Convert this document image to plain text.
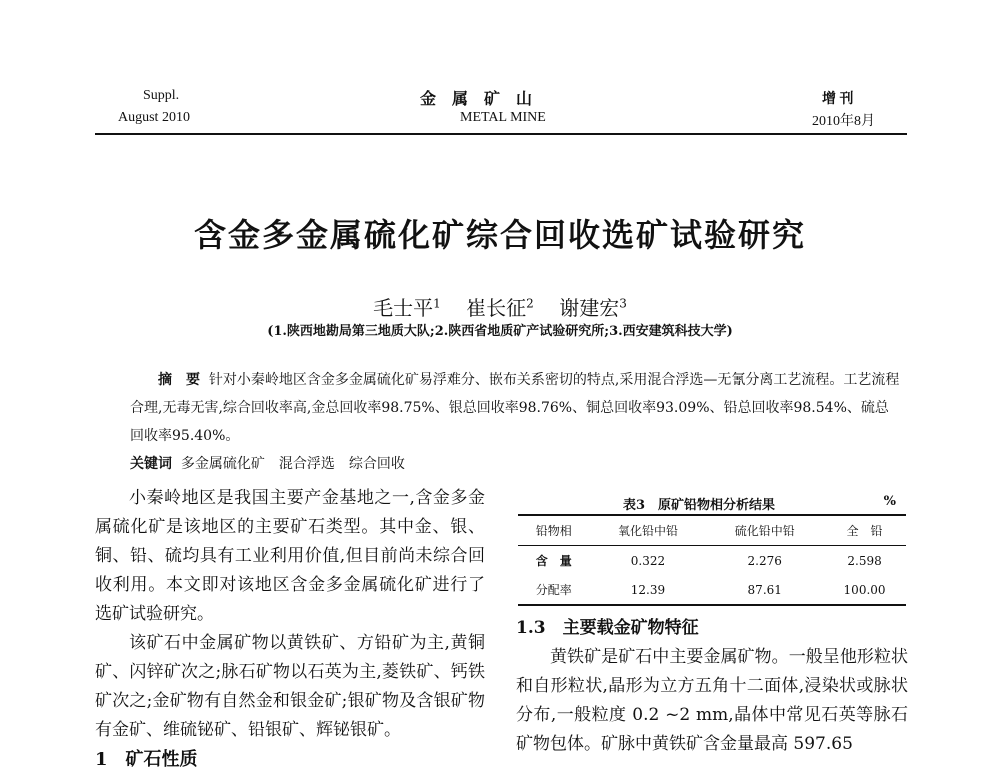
Suppl.
August 2010
金　属　矿　山
METAL MINE
增 刊
2010年8月
含金多金属硫化矿综合回收选矿试验研究
毛士平$^1$ 崔长征$^2$ 谢建宏$^3$
(1.陕西地勘局第三地质大队;2.陕西省地质矿产试验研究所;3.西安建筑科技大学)
摘　要 针对小秦岭地区含金多金属硫化矿易浮难分、嵌布关系密切的特点,采用混合浮选—无氰分离工艺流程。工艺流程合理,无毒无害,综合回收率高,金总回收率98.75%、银总回收率98.76%、铜总回收率93.09%、铅总回收率98.54%、硫总回收率95.40%。
关键词 多金属硫化矿　混合浮选　综合回收

小秦岭地区是我国主要产金基地之一,含金多金属硫化矿是该地区的主要矿石类型。其中金、银、铜、铅、硫均具有工业利用价值,但目前尚未综合回收利用。本文即对该地区含金多金属硫化矿进行了选矿试验研究。

该矿石中金属矿物以黄铁矿、方铅矿为主,黄铜矿、闪锌矿次之;脉石矿物以石英为主,菱铁矿、钙铁矿次之;金矿物有自然金和银金矿;银矿物及含银矿物有金矿、维硫铋矿、铅银矿、辉铋银矿。

1　矿石性质
表3　原矿铅物相分析结果	%
铅物相	氧化铅中铅	硫化铅中铅	全　铅
含　量	0.322	2.276	2.598
分配率	12.39	87.61	100.00
1.3　主要载金矿物特征

黄铁矿是矿石中主要金属矿物。一般呈他形粒状和自形粒状,晶形为立方五角十二面体,浸染状或脉状分布,一般粒度 0.2 ~2 mm,晶体中常见石英等脉石矿物包体。矿脉中黄铁矿含金量最高 597.65
